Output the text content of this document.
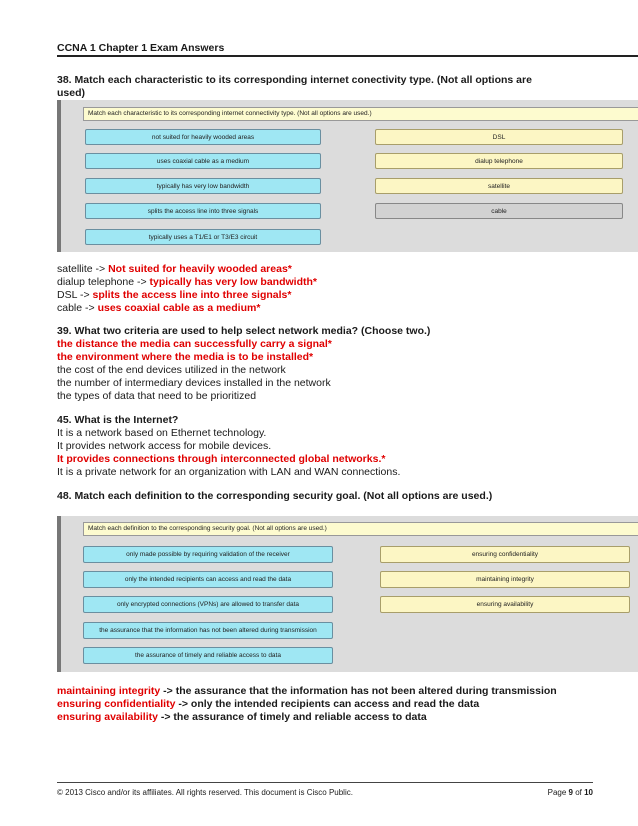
CCNA 1 Chapter 1 Exam Answers
38. Match each characteristic to its corresponding internet conectivity type. (Not all options are
used)
Match each characteristic to its corresponding internet connectivity type. (Not all options are used.)
not suited for heavily wooded areas
uses coaxial cable as a medium
typically has very low bandwidth
splits the access line into three signals
typically uses a T1/E1 or T3/E3 circuit
DSL
dialup telephone
satellite
cable
satellite -> Not suited for heavily wooded areas*
dialup telephone -> typically has very low bandwidth*
DSL -> splits the access line into three signals*
cable -> uses coaxial cable as a medium*
39. What two criteria are used to help select network media? (Choose two.)
the distance the media can successfully carry a signal*
the environment where the media is to be installed*
the cost of the end devices utilized in the network
the number of intermediary devices installed in the network
the types of data that need to be prioritized
45. What is the Internet?
It is a network based on Ethernet technology.
It provides network access for mobile devices.
It provides connections through interconnected global networks.*
It is a private network for an organization with LAN and WAN connections.
48. Match each definition to the corresponding security goal. (Not all options are used.)
Match each definition to the corresponding security goal. (Not all options are used.)
only made possible by requiring validation of the receiver
only the intended recipients can access and read the data
only encrypted connections (VPNs) are allowed to transfer data
the assurance that the information has not been altered during transmission
the assurance of timely and reliable access to data
ensuring confidentiality
maintaining integrity
ensuring availability
maintaining integrity -> the assurance that the information has not been altered during transmission
ensuring confidentiality -> only the intended recipients can access and read the data
ensuring availability -> the assurance of timely and reliable access to data
© 2013 Cisco and/or its affiliates. All rights reserved. This document is Cisco Public.	Page 9 of 10
